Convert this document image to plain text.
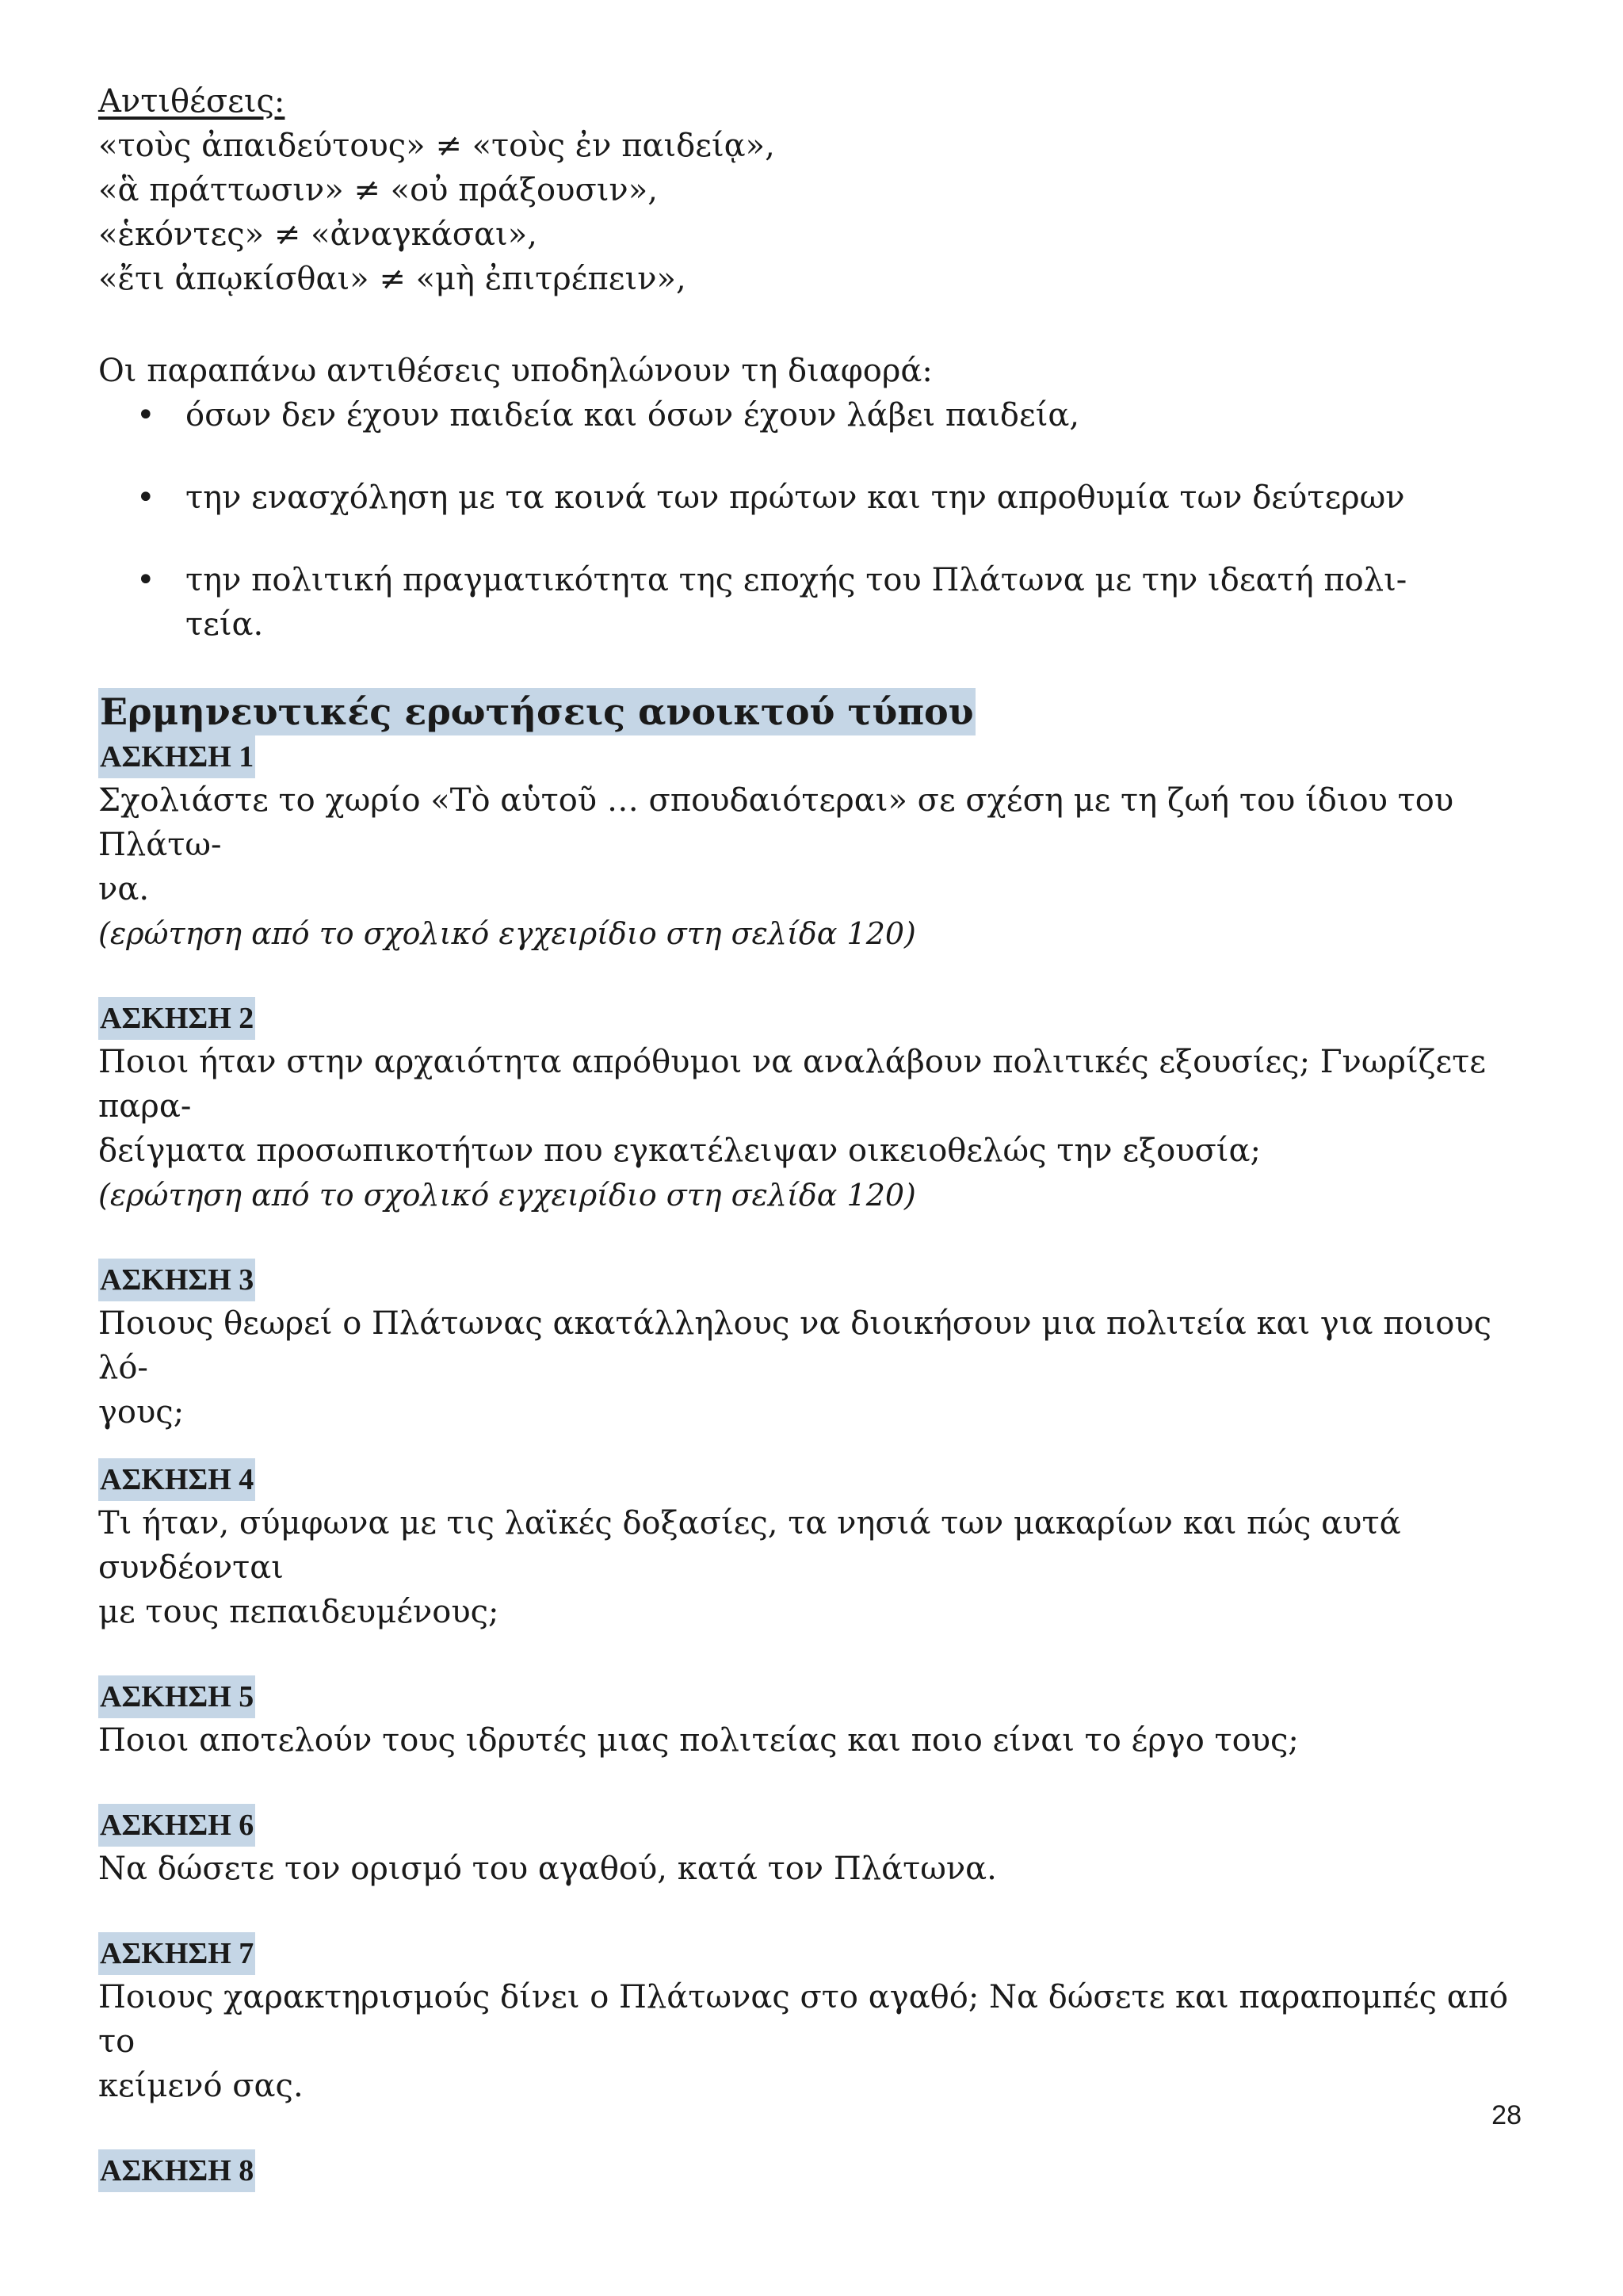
Αντιθέσεις:

«τοὺς ἀπαιδεύτους» ≠ «τοὺς ἐν παιδείᾳ»,

«ἃ πράττωσιν» ≠ «οὐ πράξουσιν»,

«ἑκόντες» ≠ «ἀναγκάσαι»,

«ἔτι ἀπῳκίσθαι» ≠ «μὴ ἐπιτρέπειν»,

Οι παραπάνω αντιθέσεις υποδηλώνουν τη διαφορά:

• όσων δεν έχουν παιδεία και όσων έχουν λάβει παιδεία,
• την ενασχόληση με τα κοινά των πρώτων και την απροθυμία των δεύτερων
• την πολιτική πραγματικότητα της εποχής του Πλάτωνα με την ιδεατή πολι-
τεία.
Ερμηνευτικές ερωτήσεις ανοικτού τύπου
ΑΣΚΗΣΗ 1

Σχολιάστε το χωρίο «Τὸ αὑτοῦ … σπουδαιότεραι» σε σχέση με τη ζωή του ίδιου του Πλάτω-

να.

(ερώτηση από το σχολικό εγχειρίδιο στη σελίδα 120)

ΑΣΚΗΣΗ 2

Ποιοι ήταν στην αρχαιότητα απρόθυμοι να αναλάβουν πολιτικές εξουσίες; Γνωρίζετε παρα-

δείγματα προσωπικοτήτων που εγκατέλειψαν οικειοθελώς την εξουσία;

(ερώτηση από το σχολικό εγχειρίδιο στη σελίδα 120)

ΑΣΚΗΣΗ 3

Ποιους θεωρεί ο Πλάτωνας ακατάλληλους να διοικήσουν μια πολιτεία και για ποιους λό-

γους;

ΑΣΚΗΣΗ 4

Τι ήταν, σύμφωνα με τις λαϊκές δοξασίες, τα νησιά των μακαρίων και πώς αυτά συνδέονται

με τους πεπαιδευμένους;

ΑΣΚΗΣΗ 5

Ποιοι αποτελούν τους ιδρυτές μιας πολιτείας και ποιο είναι το έργο τους;

ΑΣΚΗΣΗ 6

Να δώσετε τον ορισμό του αγαθού, κατά τον Πλάτωνα.

ΑΣΚΗΣΗ 7

Ποιους χαρακτηρισμούς δίνει ο Πλάτωνας στο αγαθό; Να δώσετε και παραπομπές από το

κείμενό σας.

ΑΣΚΗΣΗ 8
28
